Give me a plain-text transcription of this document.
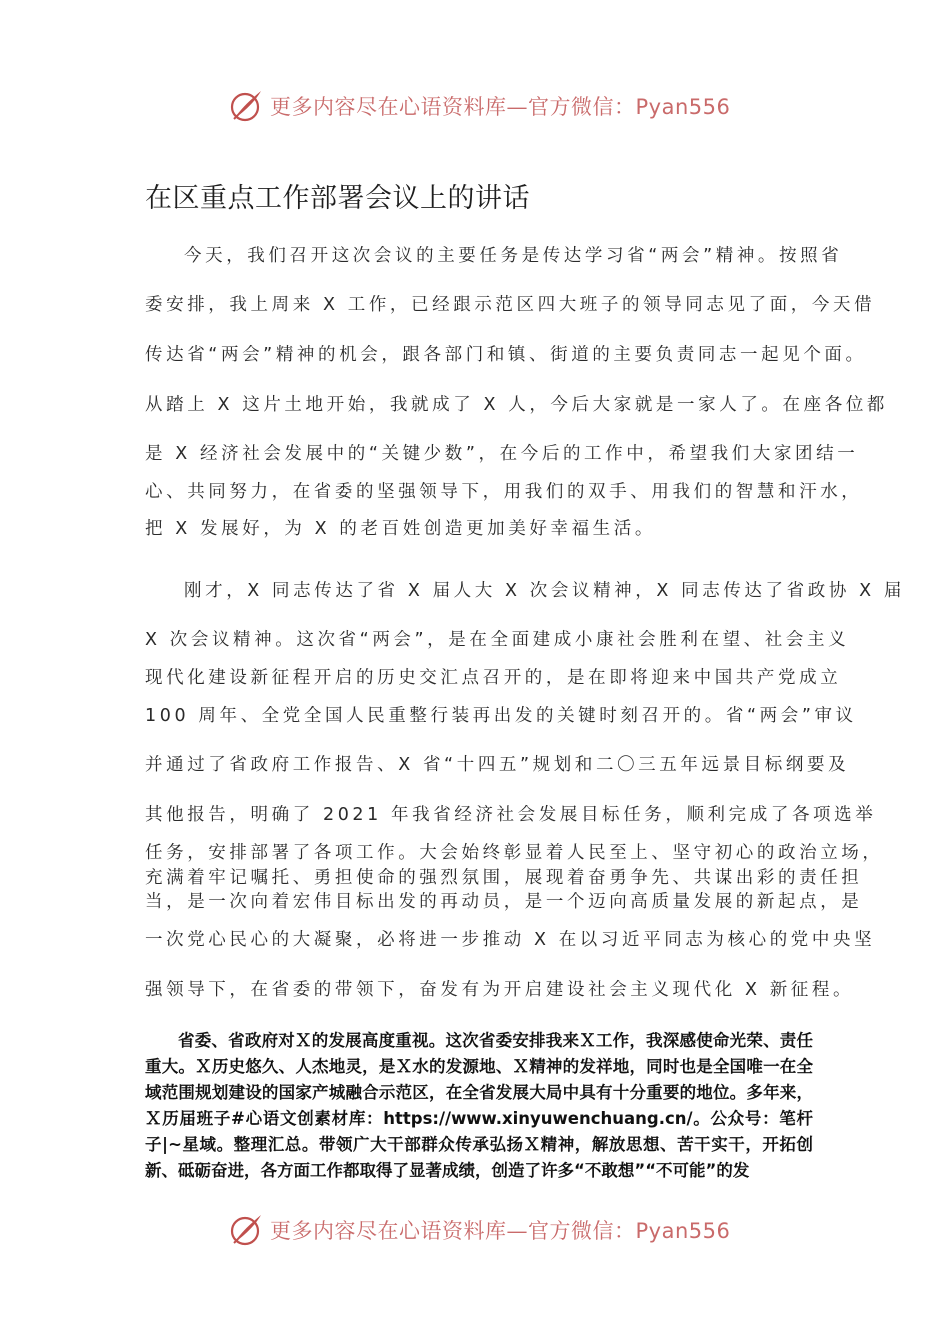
更多内容尽在心语资料库—官方微信：Pyan556
在区重点工作部署会议上的讲话
今天，我们召开这次会议的主要任务是传达学习省“两会”精神。按照省
委安排，我上周来 X 工作，已经跟示范区四大班子的领导同志见了面，今天借
传达省“两会”精神的机会，跟各部门和镇、街道的主要负责同志一起见个面。
从踏上 X 这片土地开始，我就成了 X 人，今后大家就是一家人了。在座各位都
是 X 经济社会发展中的“关键少数”，在今后的工作中，希望我们大家团结一
心、共同努力，在省委的坚强领导下，用我们的双手、用我们的智慧和汗水，
把 X 发展好，为 X 的老百姓创造更加美好幸福生活。
刚才，X 同志传达了省 X 届人大 X 次会议精神，X 同志传达了省政协 X 届
X 次会议精神。这次省“两会”，是在全面建成小康社会胜利在望、社会主义
现代化建设新征程开启的历史交汇点召开的，是在即将迎来中国共产党成立
100 周年、全党全国人民重整行装再出发的关键时刻召开的。省“两会”审议
并通过了省政府工作报告、X 省“十四五”规划和二〇三五年远景目标纲要及
其他报告，明确了 2021 年我省经济社会发展目标任务，顺利完成了各项选举
任务，安排部署了各项工作。大会始终彰显着人民至上、坚守初心的政治立场，
充满着牢记嘱托、勇担使命的强烈氛围，展现着奋勇争先、共谋出彩的责任担
当，是一次向着宏伟目标出发的再动员，是一个迈向高质量发展的新起点，是
一次党心民心的大凝聚，必将进一步推动 X 在以习近平同志为核心的党中央坚
强领导下，在省委的带领下，奋发有为开启建设社会主义现代化 X 新征程。

省委、省政府对Ｘ的发展高度重视。这次省委安排我来Ｘ工作，我深感使命光荣、责任重大。Ｘ历史悠久、人杰地灵，是Ｘ水的发源地、Ｘ精神的发祥地，同时也是全国唯一在全域范围规划建设的国家产城融合示范区，在全省发展大局中具有十分重要的地位。多年来，Ｘ历届班子#心语文创素材库：https://www.xinyuwenchuang.cn/。公众号：笔杆子|~星域。整理汇总。带领广大干部群众传承弘扬Ｘ精神，解放思想、苦干实干，开拓创新、砥砺奋进，各方面工作都取得了显著成绩，创造了许多“不敢想”“不可能”的发

更多内容尽在心语资料库—官方微信：Pyan556
